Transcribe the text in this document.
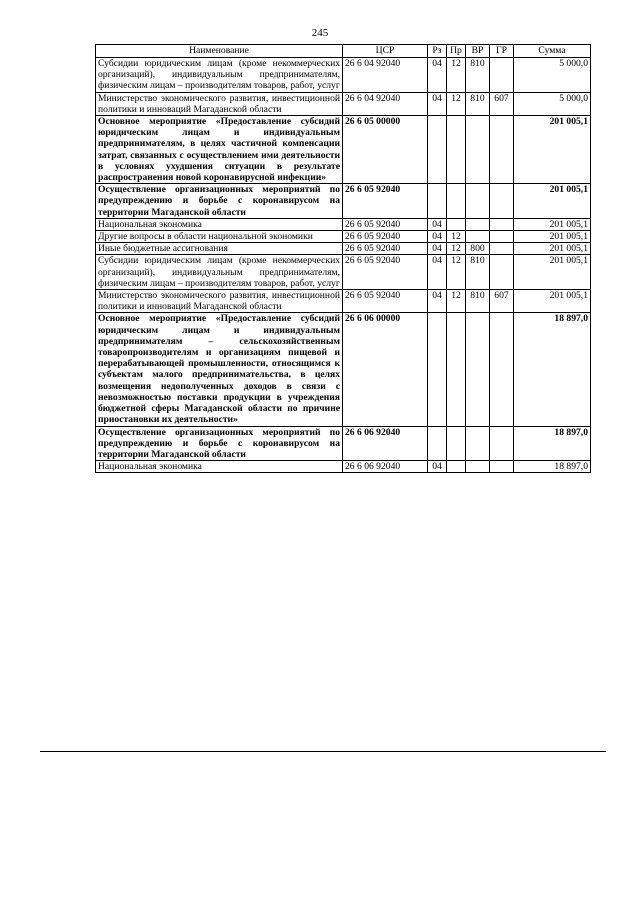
245
Наименование	ЦСР	Рз	Пр	ВР	ГР	Сумма
Субсидии юридическим лицам (кроме некоммерческих организаций), индивидуальным предпринимателям, физическим лицам – производителям товаров, работ, услуг	26 6 04 92040	04	12	810		5 000,0
Министерство экономического развития, инвестиционной политики и инноваций Магаданской области	26 6 04 92040	04	12	810	607	5 000,0
Основное мероприятие «Предоставление субсидий юридическим лицам и индивидуальным предпринимателям, в целях частичной компенсации затрат, связанных с осуществлением ими деятельности в условиях ухудшения ситуации в результате распространения новой коронавирусной инфекции»	26 6 05 00000					201 005,1
Осуществление организационных мероприятий по предупреждению и борьбе с коронавирусом на территории Магаданской области	26 6 05 92040					201 005,1
Национальная экономика	26 6 05 92040	04				201 005,1
Другие вопросы в области национальной экономики	26 6 05 92040	04	12			201 005,1
Иные бюджетные ассигнования	26 6 05 92040	04	12	800		201 005,1
Субсидии юридическим лицам (кроме некоммерческих организаций), индивидуальным предпринимателям, физическим лицам – производителям товаров, работ, услуг	26 6 05 92040	04	12	810		201 005,1
Министерство экономического развития, инвестиционной политики и инноваций Магаданской области	26 6 05 92040	04	12	810	607	201 005,1
Основное мероприятие «Предоставление субсидий юридическим лицам и индивидуальным предпринимателям – сельскохозяйственным товаропроизводителям и организациям пищевой и перерабатывающей промышленности, относящимся к субъектам малого предпринимательства, в целях возмещения недополученных доходов в связи с невозможностью поставки продукции в учреждения бюджетной сферы Магаданской области по причине приостановки их деятельности»	26 6 06 00000					18 897,0
Осуществление организационных мероприятий по предупреждению и борьбе с коронавирусом на территории Магаданской области	26 6 06 92040					18 897,0
Национальная экономика	26 6 06 92040	04				18 897,0
